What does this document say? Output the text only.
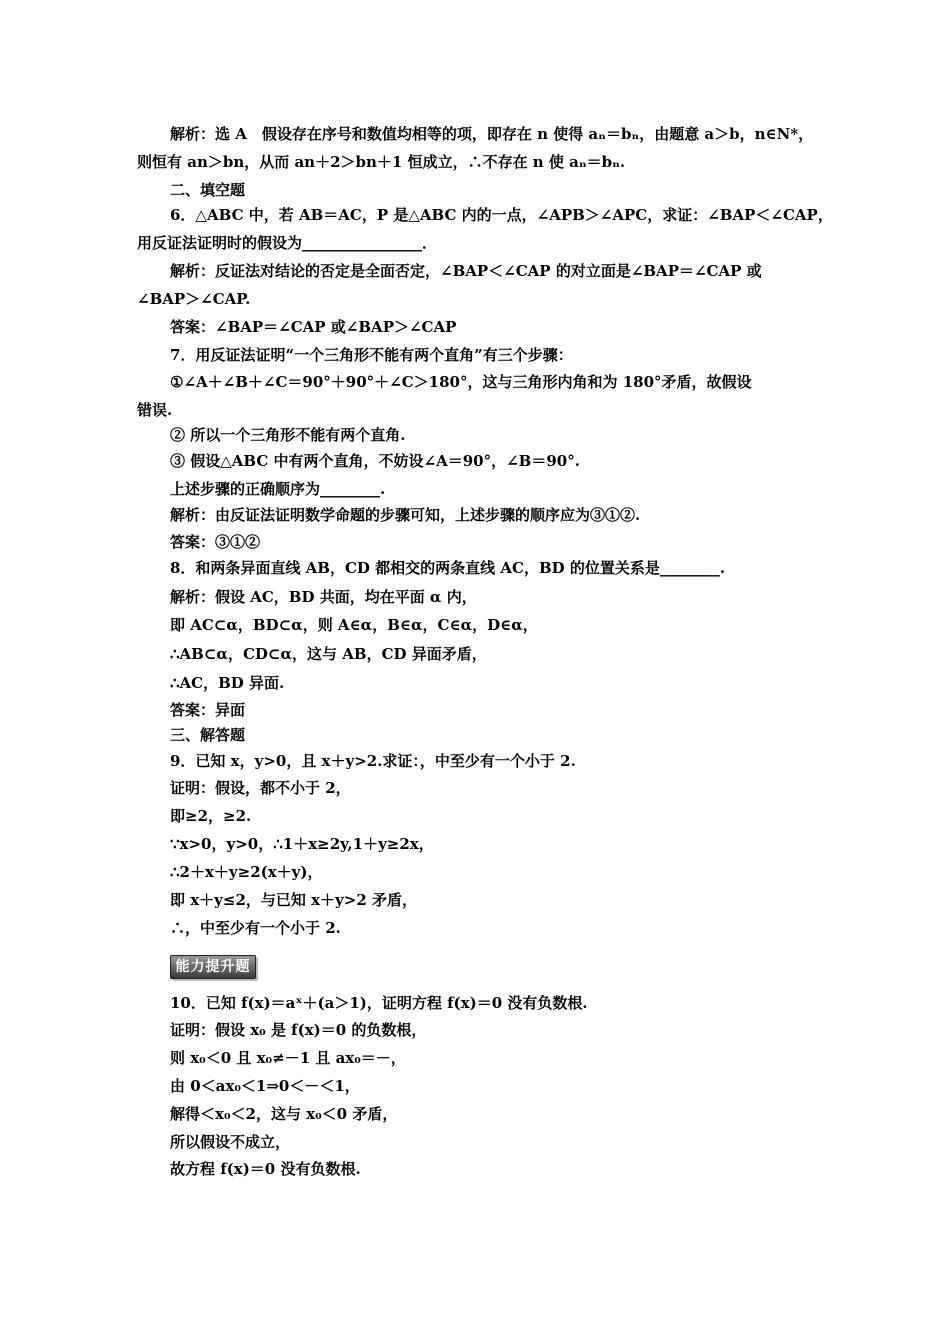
解析：选 A　假设存在序号和数值均相等的项，即存在 n 使得 aₙ＝bₙ，由题意 a＞b，n∈N*，
则恒有 an＞bn，从而 an＋2＞bn＋1 恒成立，∴不存在 n 使 aₙ＝bₙ.
二、填空题
6．△ABC 中，若 AB＝AC，P 是△ABC 内的一点，∠APB＞∠APC，求证：∠BAP＜∠CAP，
用反证法证明时的假设为________________．
解析：反证法对结论的否定是全面否定，∠BAP＜∠CAP 的对立面是∠BAP＝∠CAP 或
∠BAP＞∠CAP.
答案：∠BAP＝∠CAP 或∠BAP＞∠CAP
7．用反证法证明“一个三角形不能有两个直角”有三个步骤：
①∠A＋∠B＋∠C＝90°＋90°＋∠C＞180°，这与三角形内角和为 180°矛盾，故假设
错误.
② 所以一个三角形不能有两个直角.
③ 假设△ABC 中有两个直角，不妨设∠A＝90°，∠B＝90°.
上述步骤的正确顺序为________.
解析：由反证法证明数学命题的步骤可知，上述步骤的顺序应为③①②.
答案：③①②
8．和两条异面直线 AB，CD 都相交的两条直线 AC，BD 的位置关系是________.
解析：假设 AC，BD 共面，均在平面 α 内，
即 AC⊂α，BD⊂α，则 A∈α，B∈α，C∈α，D∈α，
∴AB⊂α，CD⊂α，这与 AB，CD 异面矛盾，
∴AC，BD 异面.
答案：异面
三、解答题
9．已知 x，y>0，且 x＋y>2.求证：，中至少有一个小于 2.
证明：假设，都不小于 2，
即≥2，≥2.
∵x>0，y>0，∴1＋x≥2y,1＋y≥2x，
∴2＋x＋y≥2(x＋y)，
即 x＋y≤2，与已知 x＋y>2 矛盾，
∴，中至少有一个小于 2.
能力提升题
10．已知 f(x)＝aˣ＋(a＞1)，证明方程 f(x)＝0 没有负数根.
证明：假设 x₀ 是 f(x)＝0 的负数根，
则 x₀＜0 且 x₀≠－1 且 ax₀＝－，
由 0＜ax₀＜1⇒0＜－＜1，
解得＜x₀＜2，这与 x₀＜0 矛盾，
所以假设不成立，
故方程 f(x)＝0 没有负数根.
